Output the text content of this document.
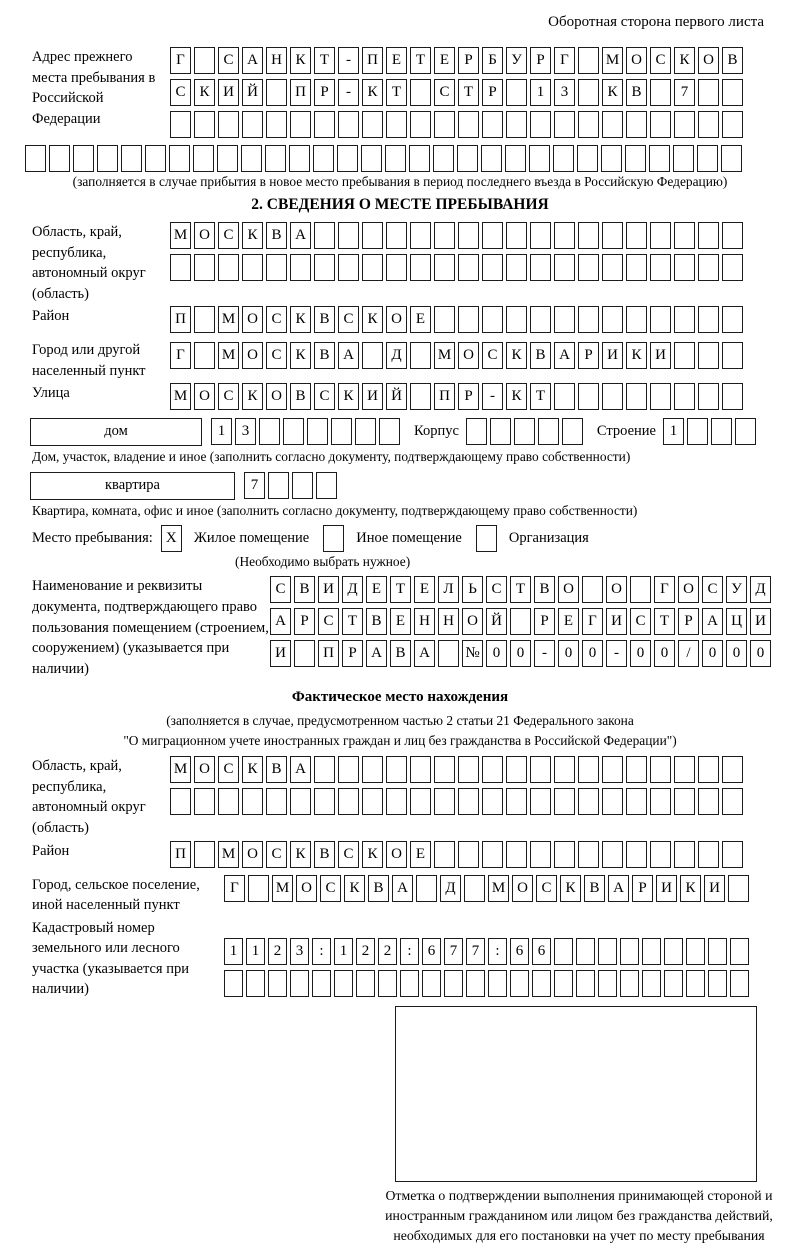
Оборотная сторона первого листа
Адрес прежнего места пребывания в Российской Федерации
Г	С А Н К Т	-	П Е Т Е	Р	Б У Р	Г	М О С К О В
С К И Й	П Р	-	К Т	С Т	Р	1	3	К В	7
(заполняется в случае прибытия в новое место пребывания в период последнего въезда в Российскую Федерацию)
2. СВЕДЕНИЯ О МЕСТЕ ПРЕБЫВАНИЯ
Область, край, республика, автономный округ (область)
М О С К В А
Район	П	М О С К В С К О Е
Город или другой населенный пункт
Г	М О С К В А	Д	М О С К В А Р И К И
Улица	М О С К О В С К И Й	П Р	-	К Т
дом	1	3	Корпус	Строение 1
Дом, участок, владение и иное (заполнить согласно документу, подтверждающему право собственности)
квартира	7
Квартира, комната, офис и иное (заполнить согласно документу, подтверждающему право собственности)
Место пребывания: X	Жилое помещение	Иное помещение	Организация
(Необходимо выбрать нужное)
Наименование и реквизиты документа, подтверждающего право пользования помещением (строением, сооружением) (указывается при наличии)
С В И Д Е Т Е Л Ь С Т В О	О	Г О С У Д
А Р С Т В Е Н Н О Й	Р	Е	Г И С Т	Р А Ц И
И	П Р А В А	№ 0	0	-	0	0	-	0	0	/	0	0	0
Фактическое место нахождения
(заполняется в случае, предусмотренном частью 2 статьи 21 Федерального закона
"О миграционном учете иностранных граждан и лиц без гражданства в Российской Федерации")
Область, край, республика, автономный округ (область)
М О С К В А
Район	П	М О С К В С К О Е
Город, сельское поселение, иной населенный пункт
Г	М О С К В А	Д	М О С К В А Р И К И
Кадастровый номер земельного или лесного участка (указывается при наличии)
1 1 2 3	:	1 2 2	:	6 7 7	:	6 6
Отметка о подтверждении выполнения принимающей стороной и иностранным гражданином или лицом без гражданства действий, необходимых для его постановки на учет по месту пребывания
